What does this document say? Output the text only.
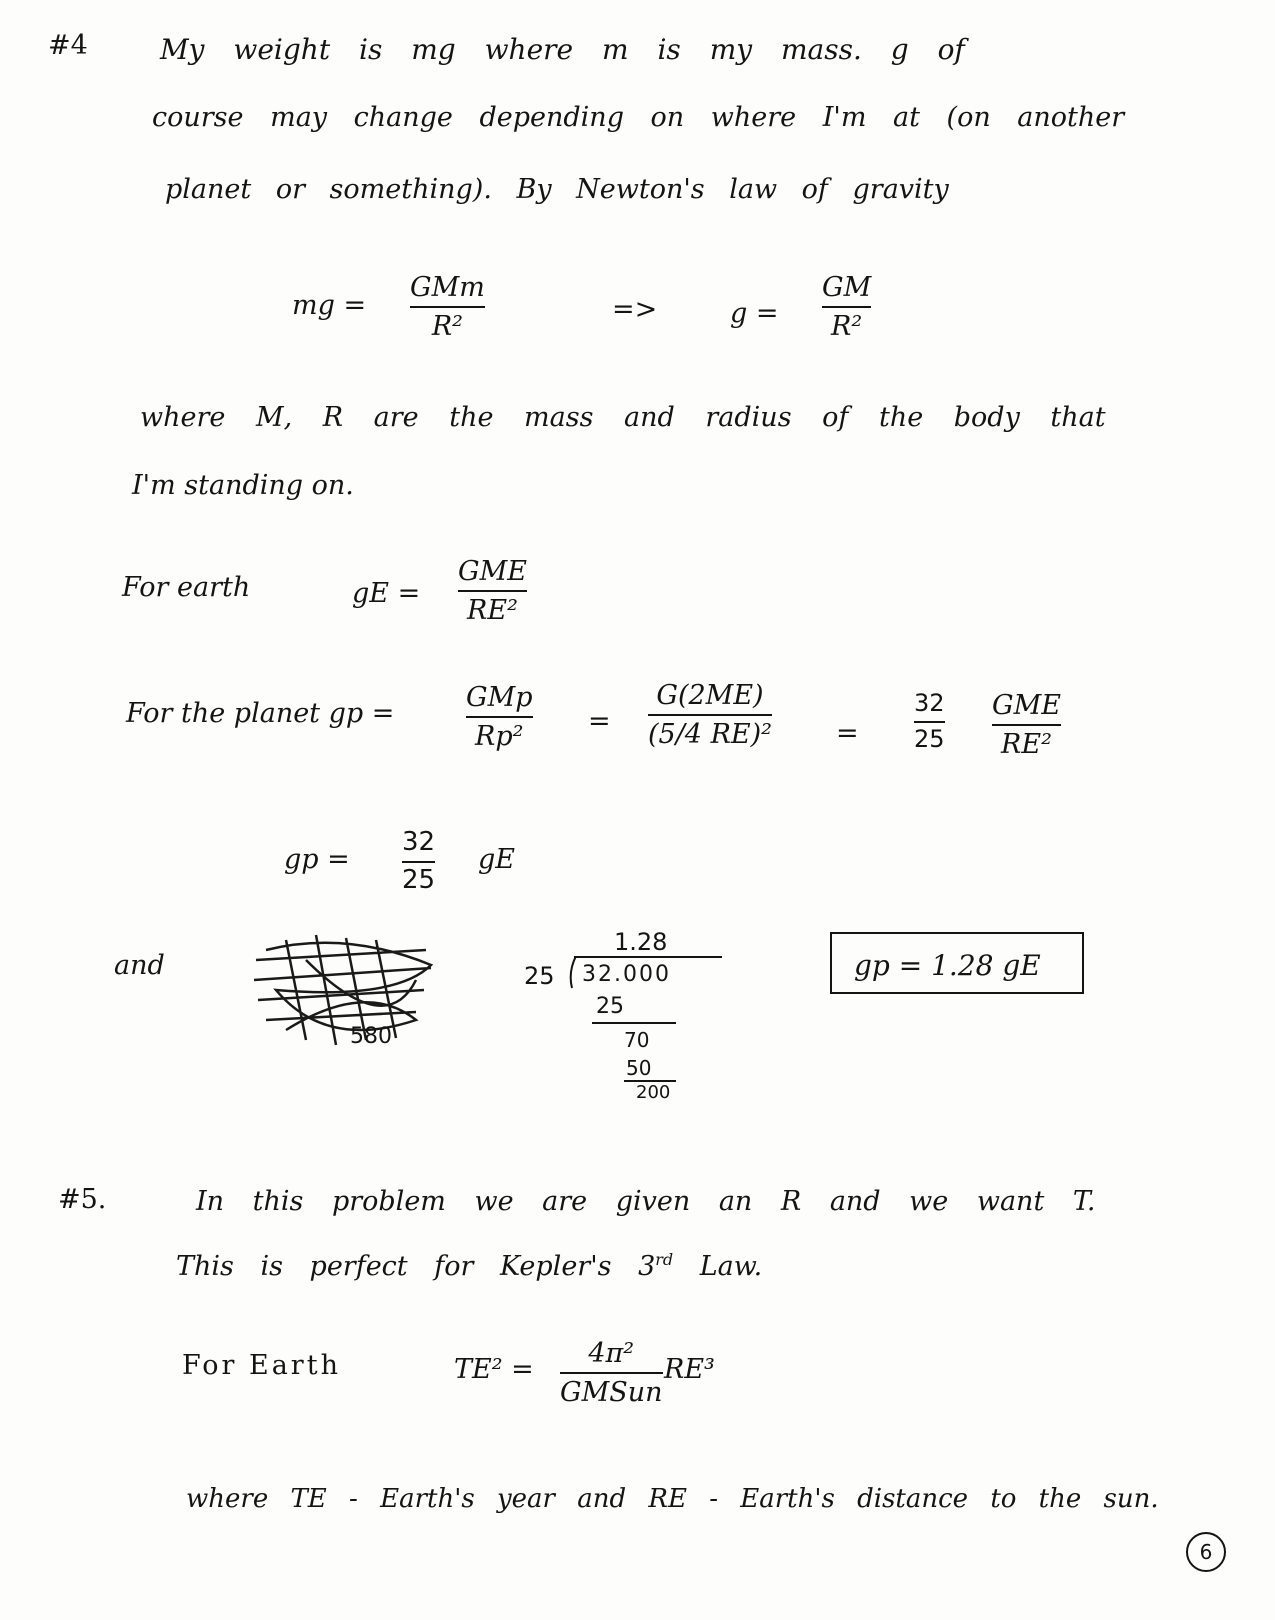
#4	My weight is mg where m is my mass. g of
course may change depending on where I'm at (on another
planet or something). By Newton's law of gravity
mg =
GMm
R²
=>	g =
GM
R²
where M, R are the mass and radius of the body that
I'm standing on.
For earth	gE =
GME
RE²
For the planet gp =
GMp
Rp² =
G(2ME)
(5/4 RE)² =
32
25
GME
RE²
gp =
32
25
gE
and
580
1.28
25 32.000
25
70
50
200
gp = 1.28 gE
#5.	In this problem we are given an R and we want T.
This is perfect for Kepler's 3rd Law.
For Earth	TE² =
4π²
GMSun
RE³
where TE - Earth's year and RE - Earth's distance to the sun.
6
